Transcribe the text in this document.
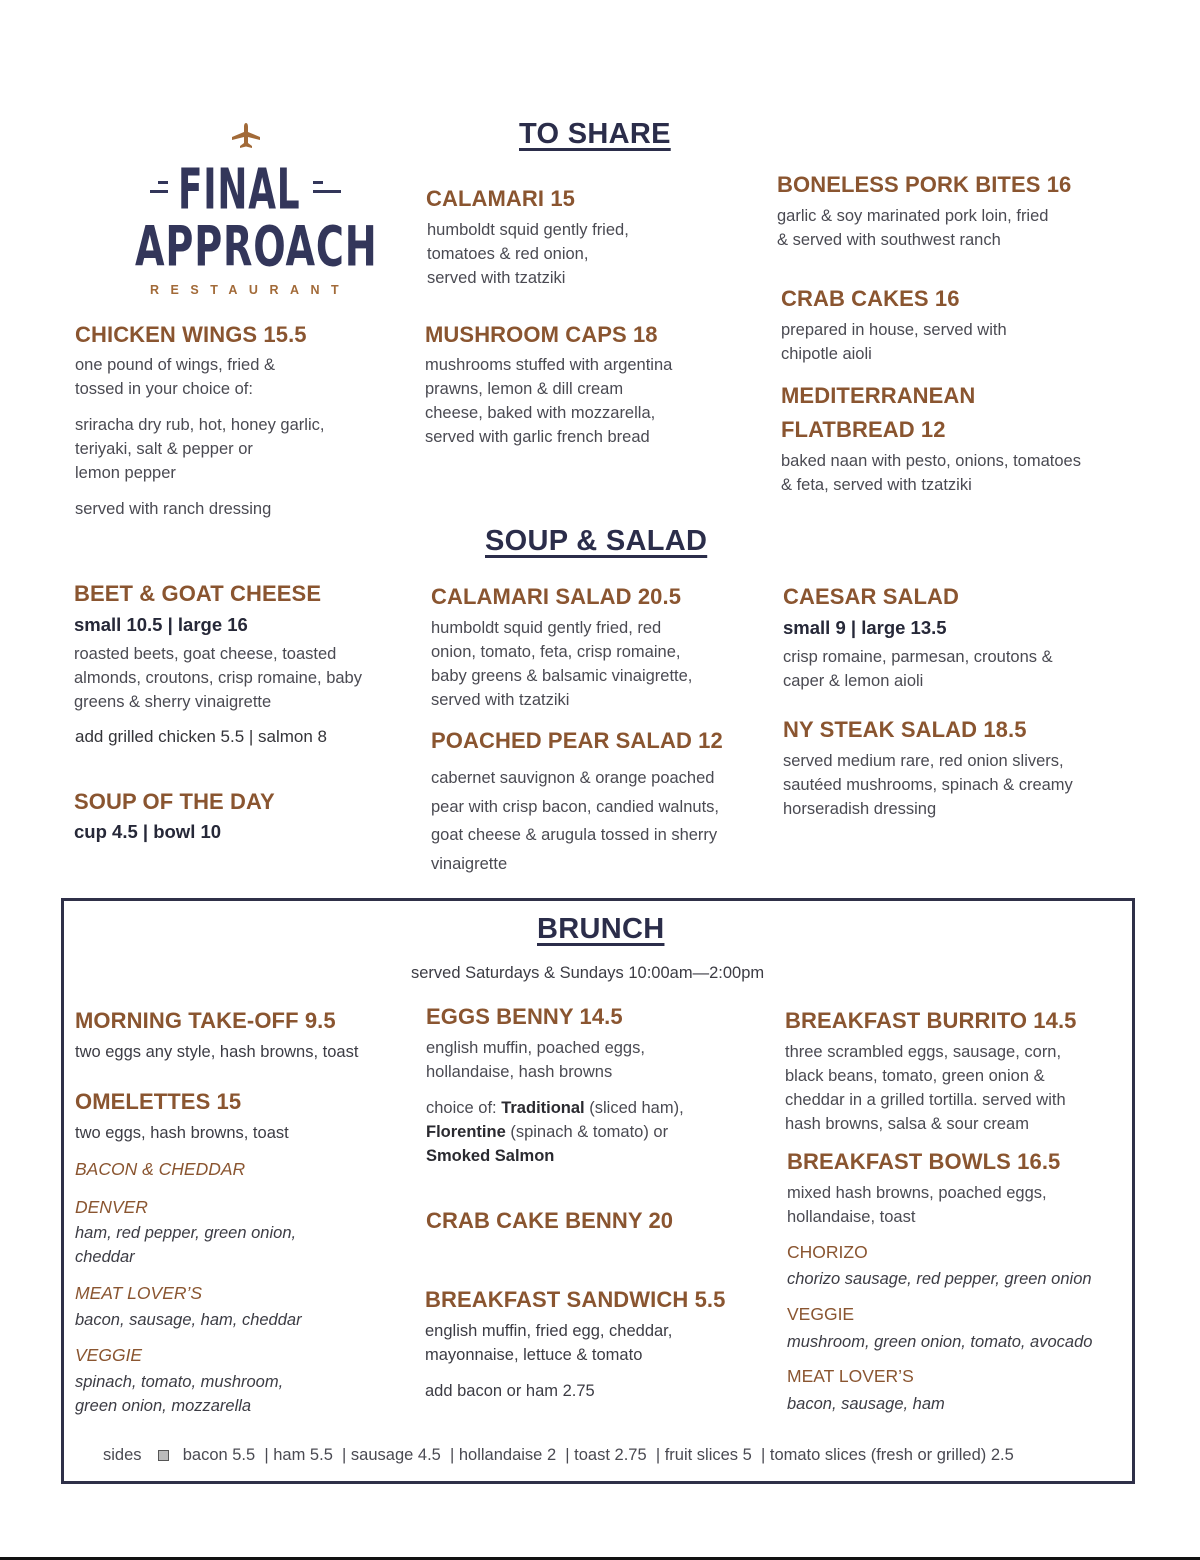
FINAL
APPROACH
RESTAURANT
TO SHARE
CALAMARI 15
humboldt squid gently fried,
tomatoes & red onion,
served with tzatziki
MUSHROOM CAPS 18
mushrooms stuffed with argentina
prawns, lemon & dill cream
cheese, baked with mozzarella,
served with garlic french bread
BONELESS PORK BITES 16
garlic & soy marinated pork loin, fried
& served with southwest ranch
CRAB CAKES 16
prepared in house, served with
chipotle aioli
MEDITERRANEAN
FLATBREAD 12
baked naan with pesto, onions, tomatoes
& feta, served with tzatziki
CHICKEN WINGS 15.5
one pound of wings, fried &
tossed in your choice of:
sriracha dry rub, hot, honey garlic,
teriyaki, salt & pepper or
lemon pepper
served with ranch dressing
SOUP & SALAD
BEET & GOAT CHEESE
small 10.5 | large 16
roasted beets, goat cheese, toasted
almonds, croutons, crisp romaine, baby
greens & sherry vinaigrette
add grilled chicken 5.5 | salmon 8
SOUP OF THE DAY
cup 4.5 | bowl 10
CALAMARI SALAD 20.5
humboldt squid gently fried, red
onion, tomato, feta, crisp romaine,
baby greens & balsamic vinaigrette,
served with tzatziki
POACHED PEAR SALAD 12
cabernet sauvignon & orange poached
pear with crisp bacon, candied walnuts,
goat cheese & arugula tossed in sherry
vinaigrette
CAESAR SALAD
small 9 | large 13.5
crisp romaine, parmesan, croutons &
caper & lemon aioli
NY STEAK SALAD 18.5
served medium rare, red onion slivers,
sautéed mushrooms, spinach & creamy
horseradish dressing
BRUNCH
served Saturdays & Sundays 10:00am—2:00pm
MORNING TAKE-OFF 9.5
two eggs any style, hash browns, toast
OMELETTES 15
two eggs, hash browns, toast
BACON & CHEDDAR
DENVER
ham, red pepper, green onion,
cheddar
MEAT LOVER’S
bacon, sausage, ham, cheddar
VEGGIE
spinach, tomato, mushroom,
green onion, mozzarella
EGGS BENNY 14.5
english muffin, poached eggs,
hollandaise, hash browns
choice of: Traditional (sliced ham),
Florentine (spinach & tomato) or
Smoked Salmon
CRAB CAKE BENNY 20
BREAKFAST SANDWICH 5.5
english muffin, fried egg, cheddar,
mayonnaise, lettuce & tomato
add bacon or ham 2.75
BREAKFAST BURRITO 14.5
three scrambled eggs, sausage, corn,
black beans, tomato, green onion &
cheddar in a grilled tortilla. served with
hash browns, salsa & sour cream
BREAKFAST BOWLS 16.5
mixed hash browns, poached eggs,
hollandaise, toast
CHORIZO
chorizo sausage, red pepper, green onion
VEGGIE
mushroom, green onion, tomato, avocado
MEAT LOVER’S
bacon, sausage, ham
sides bacon 5.5  | ham 5.5  | sausage 4.5  | hollandaise 2  | toast 2.75  | fruit slices 5  | tomato slices (fresh or grilled) 2.5
